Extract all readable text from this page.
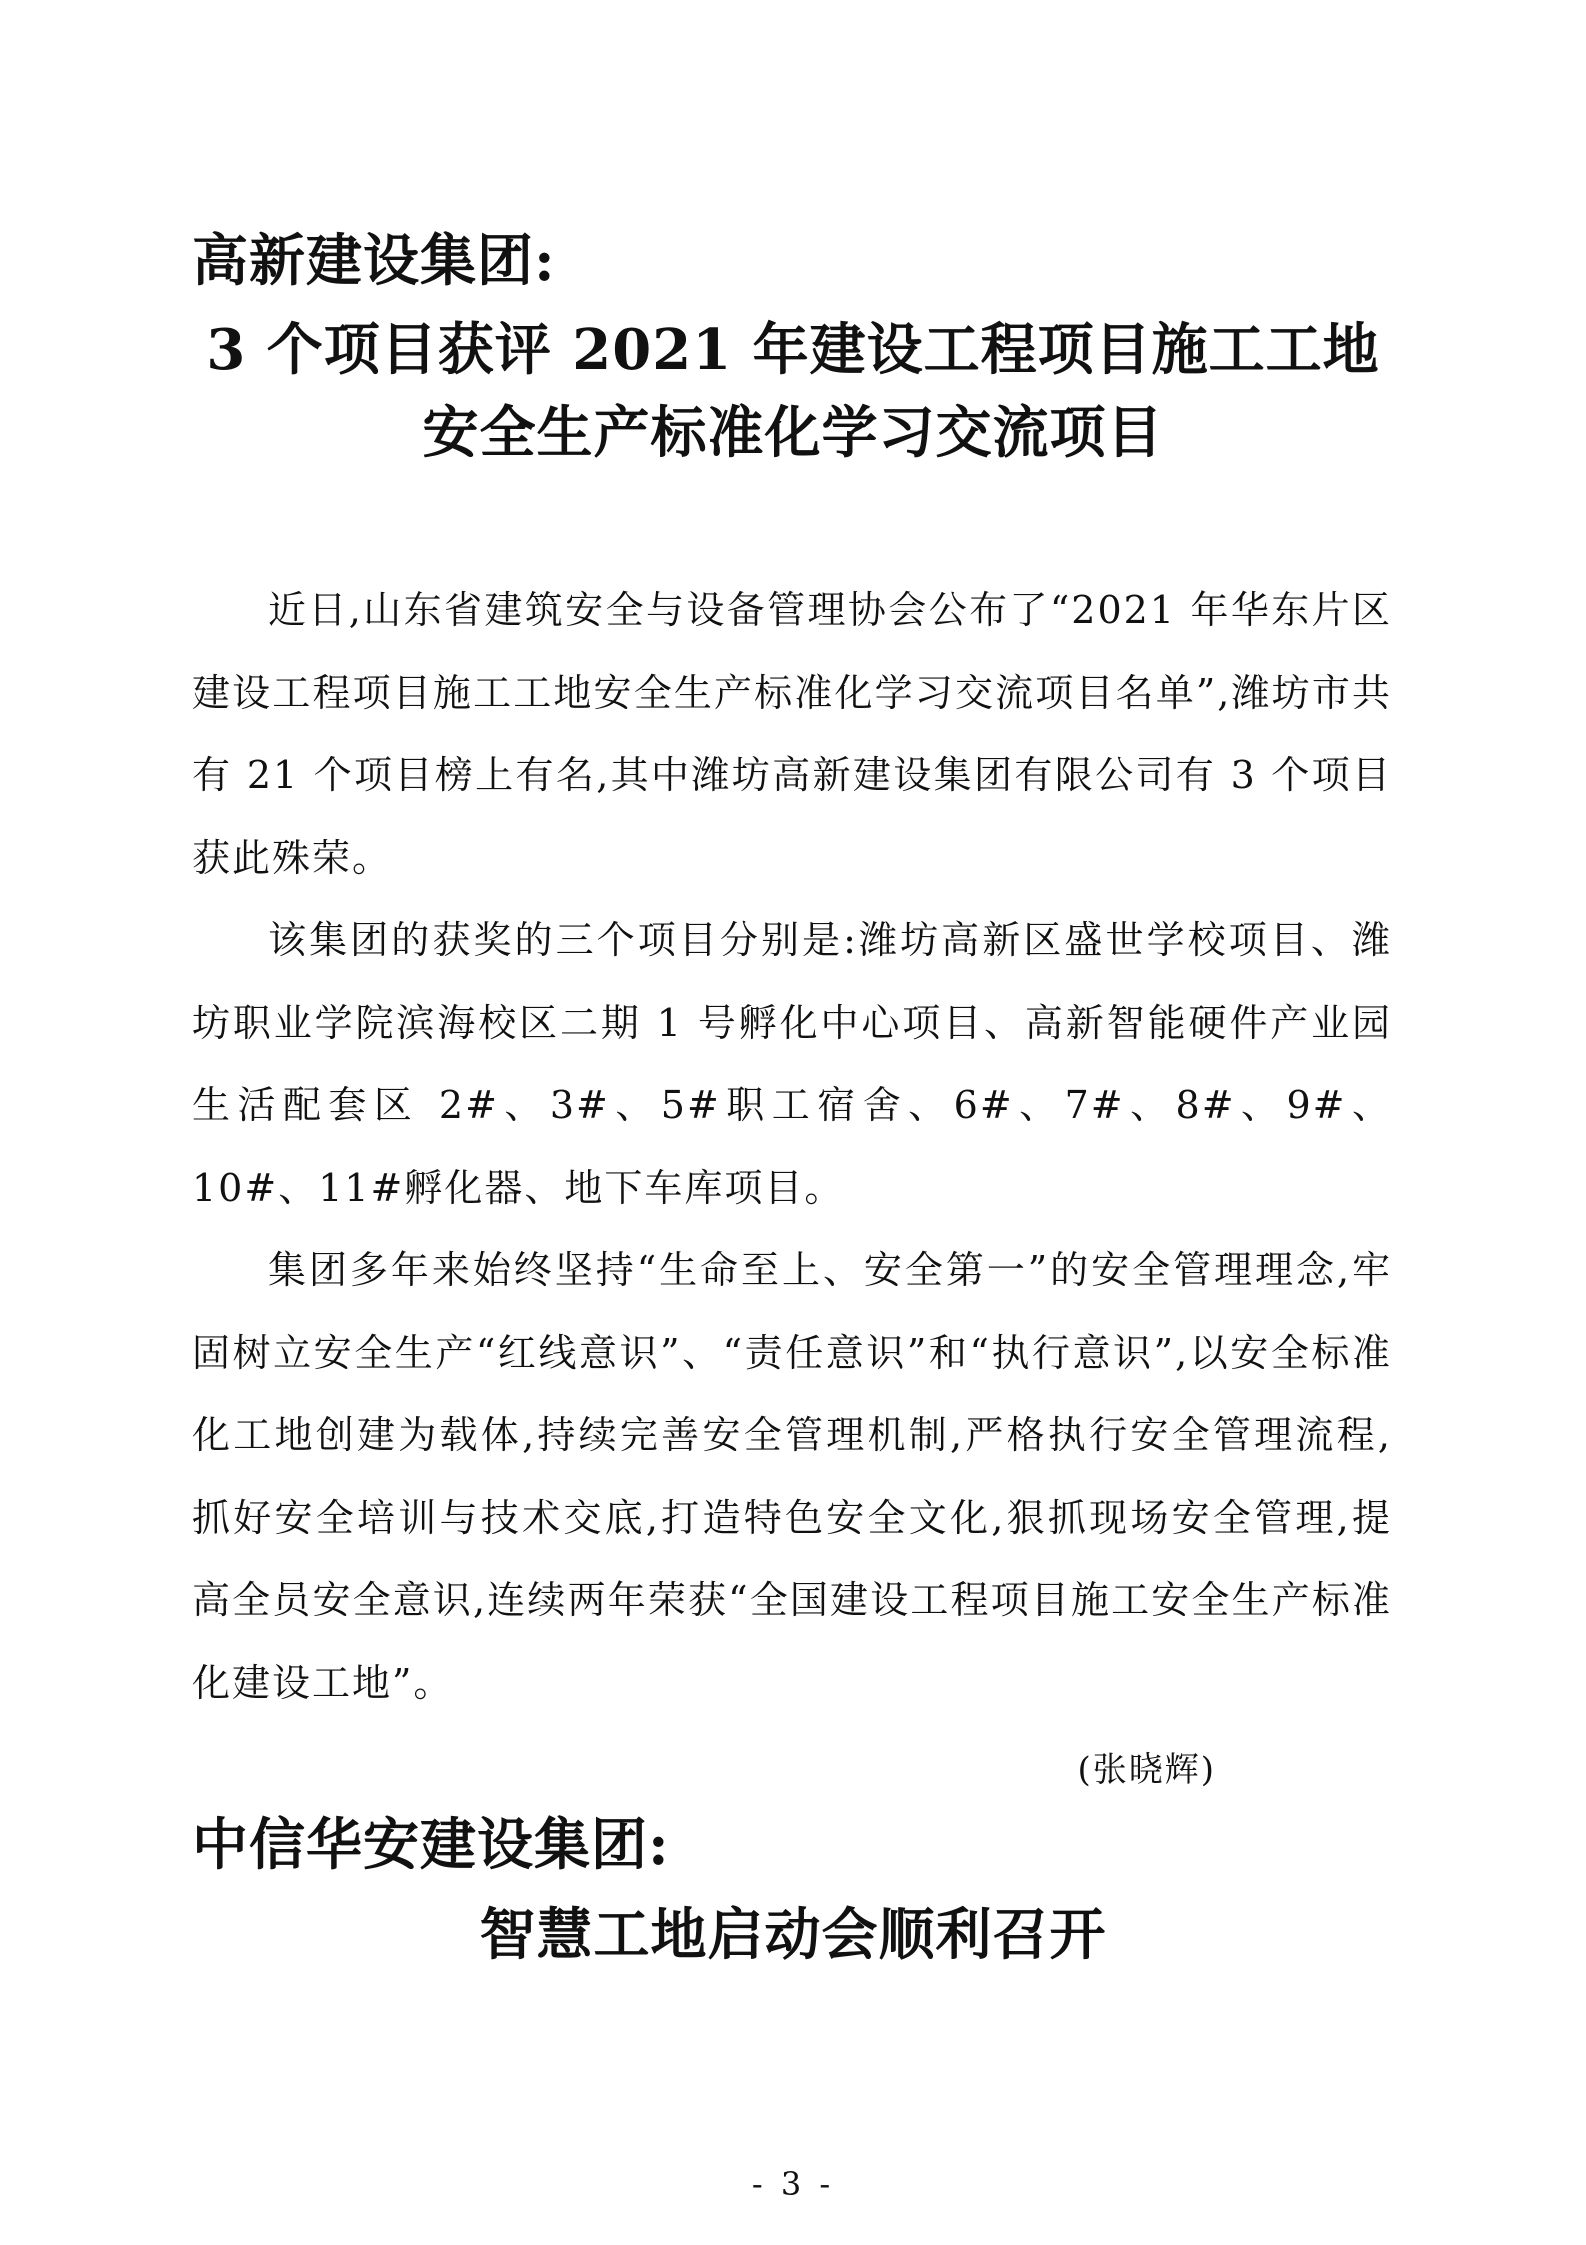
高新建设集团:
3 个项目获评 2021 年建设工程项目施工工地
安全生产标准化学习交流项目

近日,山东省建筑安全与设备管理协会公布了“2021 年华东片区建设工程项目施工工地安全生产标准化学习交流项目名单”,潍坊市共有 21 个项目榜上有名,其中潍坊高新建设集团有限公司有 3 个项目获此殊荣。

该集团的获奖的三个项目分别是:潍坊高新区盛世学校项目、潍坊职业学院滨海校区二期 1 号孵化中心项目、高新智能硬件产业园生活配套区 2#、3#、5#职工宿舍、6#、7#、8#、9#、10#、11#孵化器、地下车库项目。

集团多年来始终坚持“生命至上、安全第一”的安全管理理念,牢固树立安全生产“红线意识”、“责任意识”和“执行意识”,以安全标准化工地创建为载体,持续完善安全管理机制,严格执行安全管理流程,抓好安全培训与技术交底,打造特色安全文化,狠抓现场安全管理,提高全员安全意识,连续两年荣获“全国建设工程项目施工安全生产标准化建设工地”。

(张晓辉)
中信华安建设集团:
智慧工地启动会顺利召开
- 3 -
